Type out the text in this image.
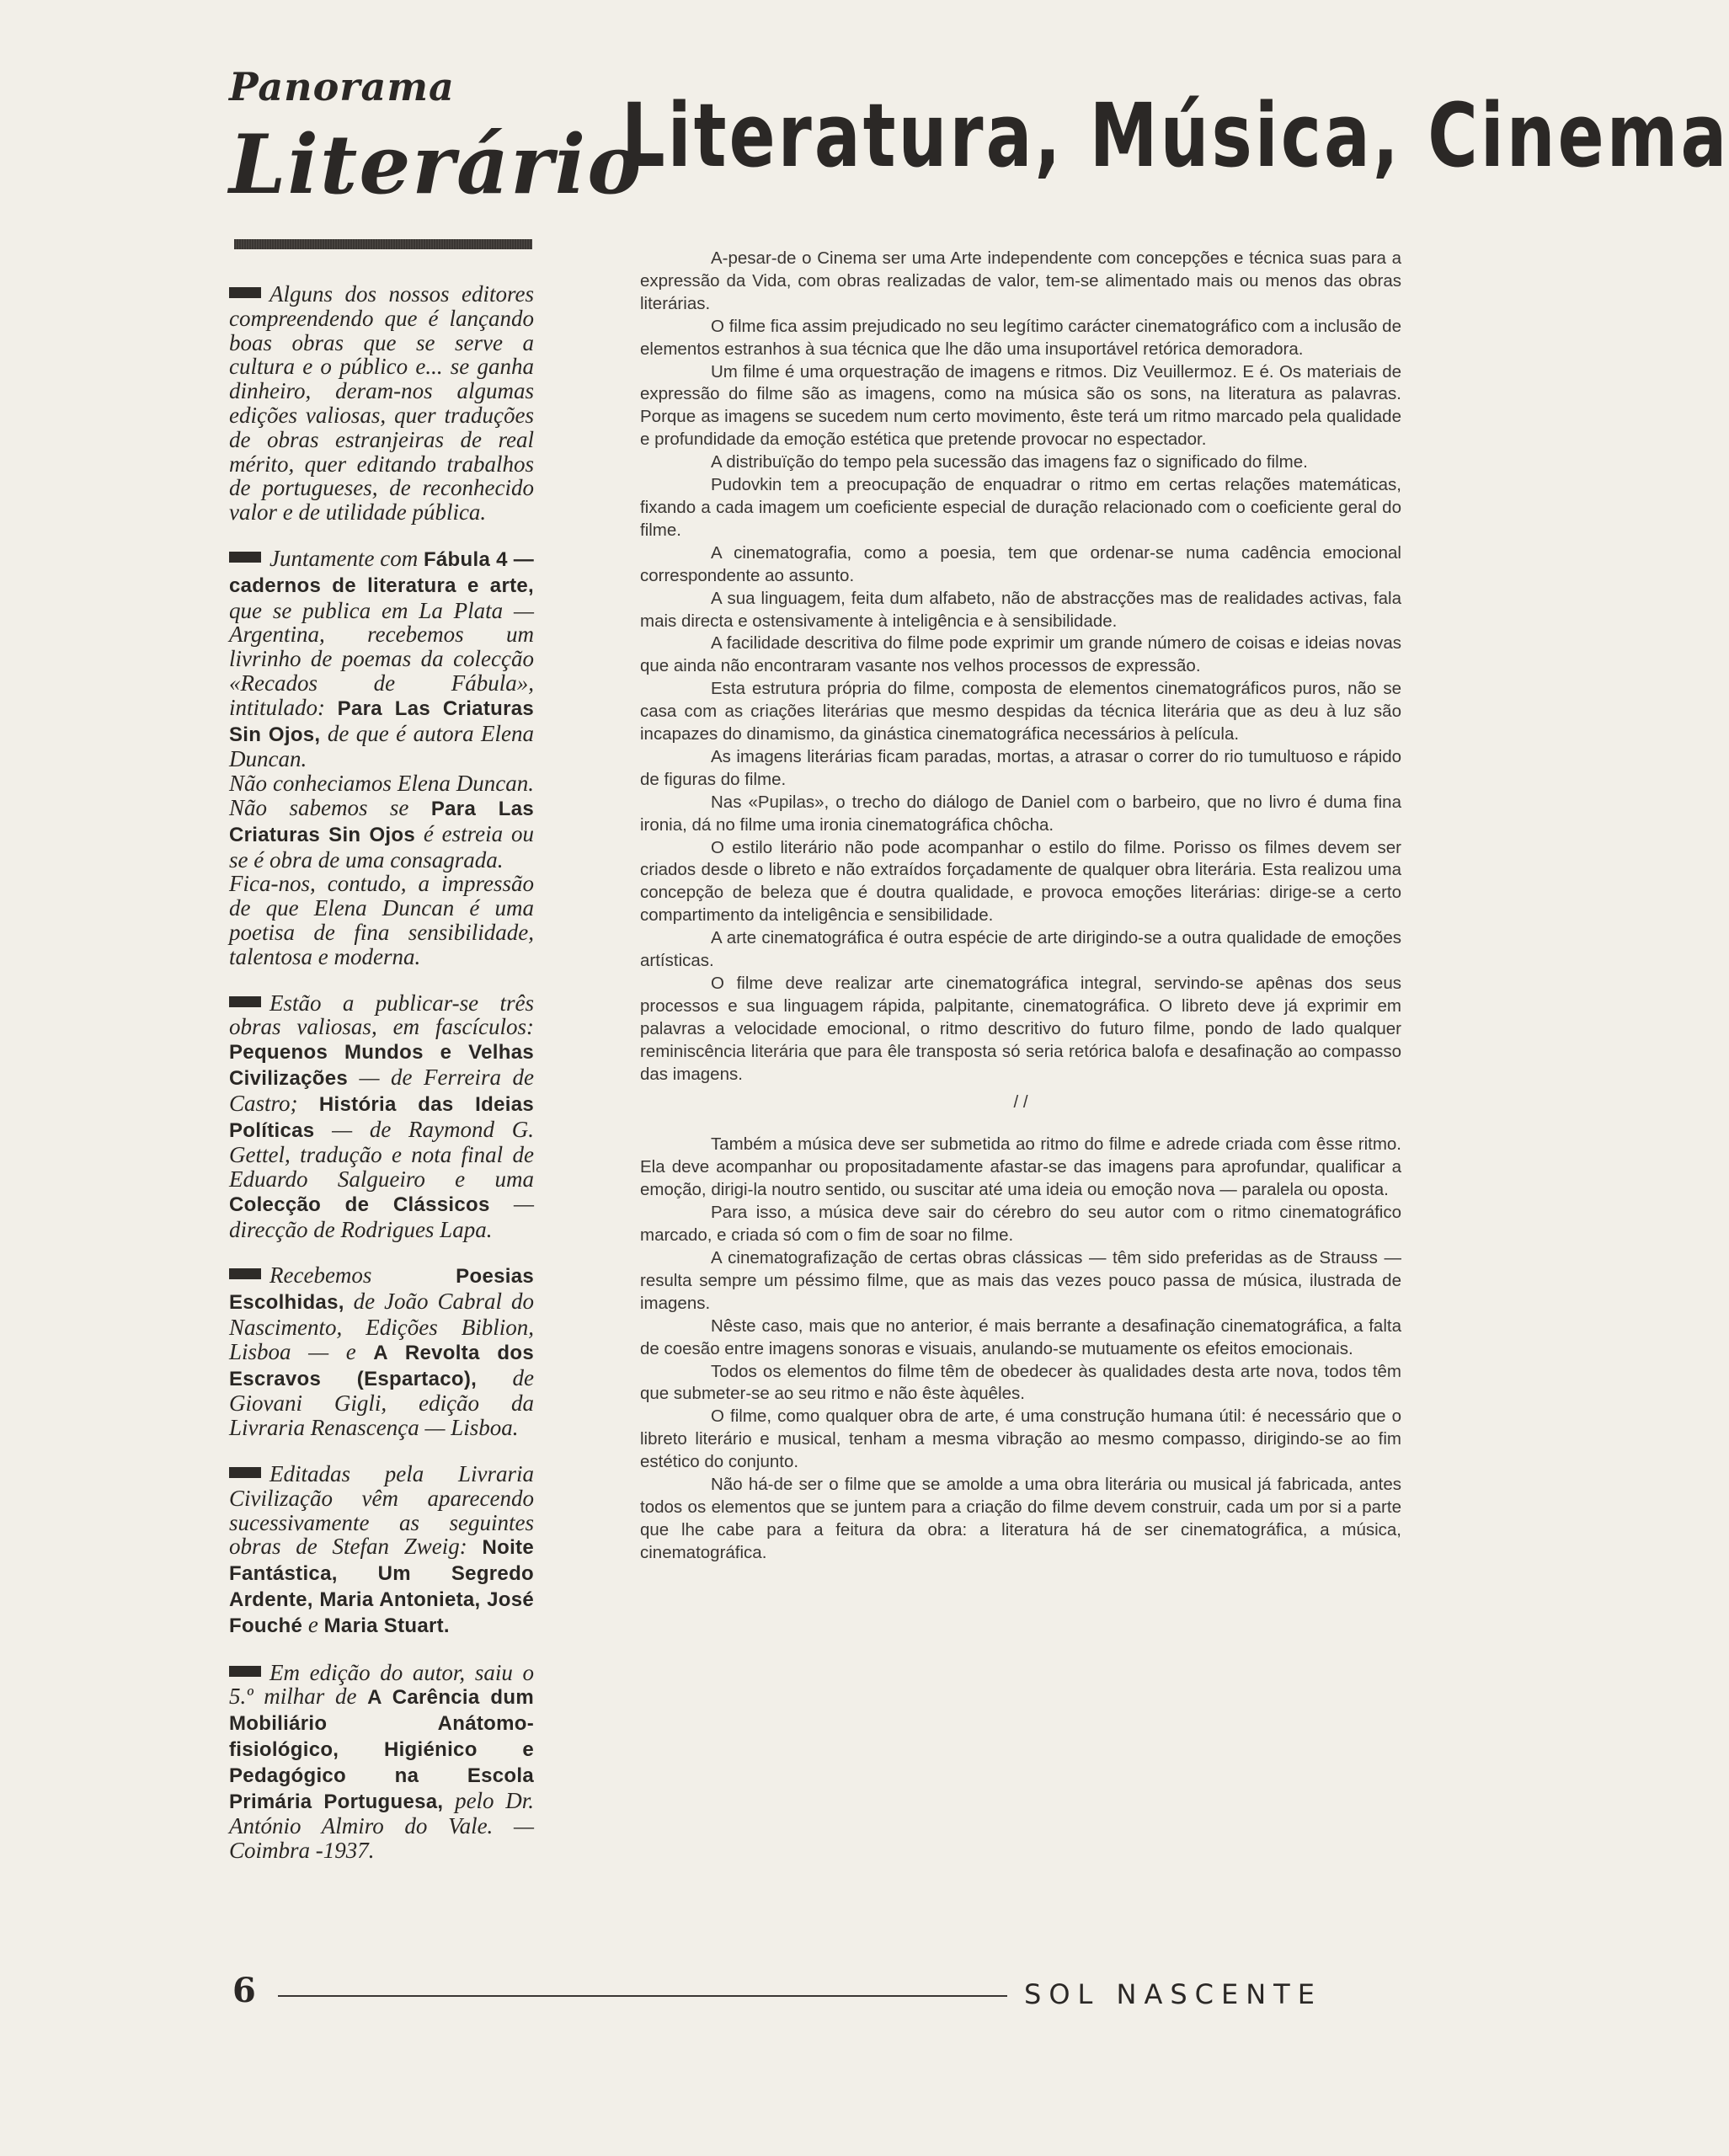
Panorama
Literário
Literatura, Música, Cinema

Alguns dos nossos editores compreendendo que é lançando boas obras que se serve a cultura e o público e... se ganha dinheiro, deram-nos algumas edições valiosas, quer traduções de obras estranjeiras de real mérito, quer editando trabalhos de portugueses, de reconhecido valor e de utilidade pública.

Juntamente com Fábula 4 — cadernos de literatura e arte, que se publica em La Plata — Argentina, recebemos um livrinho de poemas da colecção «Recados de Fábula», intitulado: Para Las Criaturas Sin Ojos, de que é autora Elena Duncan.

Não conheciamos Elena Duncan. Não sabemos se Para Las Criaturas Sin Ojos é estreia ou se é obra de uma consagrada.

Fica-nos, contudo, a impressão de que Elena Duncan é uma poetisa de fina sensibilidade, talentosa e moderna.

Estão a publicar-se três obras valiosas, em fascículos: Pequenos Mundos e Velhas Civilizações — de Ferreira de Castro; História das Ideias Políticas — de Raymond G. Gettel, tradução e nota final de Eduardo Salgueiro e uma Colecção de Clássicos — direcção de Rodrigues Lapa.

Recebemos Poesias Escolhidas, de João Cabral do Nascimento, Edições Biblion, Lisboa — e A Revolta dos Escravos (Espartaco), de Giovani Gigli, edição da Livraria Renascença — Lisboa.

Editadas pela Livraria Civilização vêm aparecendo sucessivamente as seguintes obras de Stefan Zweig: Noite Fantástica, Um Segredo Ardente, Maria Antonieta, José Fouché e Maria Stuart.

Em edição do autor, saiu o 5.º milhar de A Carência dum Mobiliário Anátomo-fisiológico, Higiénico e Pedagógico na Escola Primária Portuguesa, pelo Dr. António Almiro do Vale. — Coimbra -1937.

A-pesar-de o Cinema ser uma Arte independente com concepções e técnica suas para a expressão da Vida, com obras realizadas de valor, tem-se alimentado mais ou menos das obras literárias.

O filme fica assim prejudicado no seu legítimo carácter cinematográfico com a inclusão de elementos estranhos à sua técnica que lhe dão uma insuportável retórica demoradora.

Um filme é uma orquestração de imagens e ritmos. Diz Veuillermoz. E é. Os materiais de expressão do filme são as imagens, como na música são os sons, na literatura as palavras. Porque as imagens se sucedem num certo movimento, êste terá um ritmo marcado pela qualidade e profundidade da emoção estética que pretende provocar no espectador.

A distribuïção do tempo pela sucessão das imagens faz o significado do filme.

Pudovkin tem a preocupação de enquadrar o ritmo em certas relações matemáticas, fixando a cada imagem um coeficiente especial de duração relacionado com o coeficiente geral do filme.

A cinematografia, como a poesia, tem que ordenar-se numa cadência emocional correspondente ao assunto.

A sua linguagem, feita dum alfabeto, não de abstracções mas de realidades activas, fala mais directa e ostensivamente à inteligência e à sensibilidade.

A facilidade descritiva do filme pode exprimir um grande número de coisas e ideias novas que ainda não encontraram vasante nos velhos processos de expressão.

Esta estrutura própria do filme, composta de elementos cinematográficos puros, não se casa com as criações literárias que mesmo despidas da técnica literária que as deu à luz são incapazes do dinamismo, da ginástica cinematográfica necessários à película.

As imagens literárias ficam paradas, mortas, a atrasar o correr do rio tumultuoso e rápido de figuras do filme.

Nas «Pupilas», o trecho do diálogo de Daniel com o barbeiro, que no livro é duma fina ironia, dá no filme uma ironia cinematográfica chôcha.

O estilo literário não pode acompanhar o estilo do filme. Porisso os filmes devem ser criados desde o libreto e não extraídos forçadamente de qualquer obra literária. Esta realizou uma concepção de beleza que é doutra qualidade, e provoca emoções literárias: dirige-se a certo compartimento da inteligência e sensibilidade.

A arte cinematográfica é outra espécie de arte dirigindo-se a outra qualidade de emoções artísticas.

O filme deve realizar arte cinematográfica integral, servindo-se apênas dos seus processos e sua linguagem rápida, palpitante, cinematográfica. O libreto deve já exprimir em palavras a velocidade emocional, o ritmo descritivo do futuro filme, pondo de lado qualquer reminiscência literária que para êle transposta só seria retórica balofa e desafinação ao compasso das imagens.

/ /

Também a música deve ser submetida ao ritmo do filme e adrede criada com êsse ritmo. Ela deve acompanhar ou propositadamente afastar-se das imagens para aprofundar, qualificar a emoção, dirigi-la noutro sentido, ou suscitar até uma ideia ou emoção nova — paralela ou oposta.

Para isso, a música deve sair do cérebro do seu autor com o ritmo cinematográfico marcado, e criada só com o fim de soar no filme.

A cinematografização de certas obras clássicas — têm sido preferidas as de Strauss — resulta sempre um péssimo filme, que as mais das vezes pouco passa de música, ilustrada de imagens.

Nêste caso, mais que no anterior, é mais berrante a desafinação cinematográfica, a falta de coesão entre imagens sonoras e visuais, anulando-se mutuamente os efeitos emocionais.

Todos os elementos do filme têm de obedecer às qualidades desta arte nova, todos têm que submeter-se ao seu ritmo e não êste àquêles.

O filme, como qualquer obra de arte, é uma construção humana útil: é necessário que o libreto literário e musical, tenham a mesma vibração ao mesmo compasso, dirigindo-se ao fim estético do conjunto.

Não há-de ser o filme que se amolde a uma obra literária ou musical já fabricada, antes todos os elementos que se juntem para a criação do filme devem construir, cada um por si a parte que lhe cabe para a feitura da obra: a literatura há de ser cinematográfica, a música, cinematográfica.

6	SOL NASCENTE
